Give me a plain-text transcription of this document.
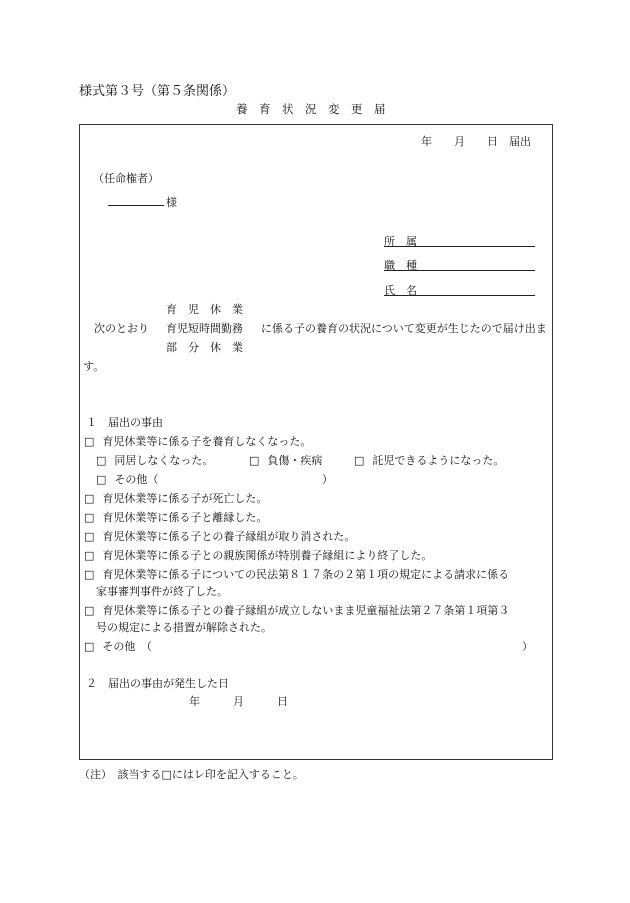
様式第３号（第５条関係）
養　育　状　況　変　更　届
年　　月　　日　届出
（任命権者）
様
所　属
職　種
氏　名
育　児　休　業
次のとおり 育児短時間勤務 に係る子の養育の状況について変更が生じたので届け出ま
部　分　休　業
す。
１　届出の事由
□ 育児休業等に係る子を養育しなくなった。
□ 同居しなくなった。	□ 負傷・疾病	□ 託児できるようになった。
□ その他（	）
□ 育児休業等に係る子が死亡した。
□ 育児休業等に係る子と離縁した。
□ 育児休業等に係る子との養子縁組が取り消された。
□ 育児休業等に係る子との親族関係が特別養子縁組により終了した。
□ 育児休業等に係る子についての民法第８１７条の２第１項の規定による請求に係る
家事審判事件が終了した。
□ 育児休業等に係る子との養子縁組が成立しないまま児童福祉法第２７条第１項第３
号の規定による措置が解除された。
□ その他　（	）
２　届出の事由が発生した日
年　　　月　　　日
（注）　該当する□にはレ印を記入すること。
